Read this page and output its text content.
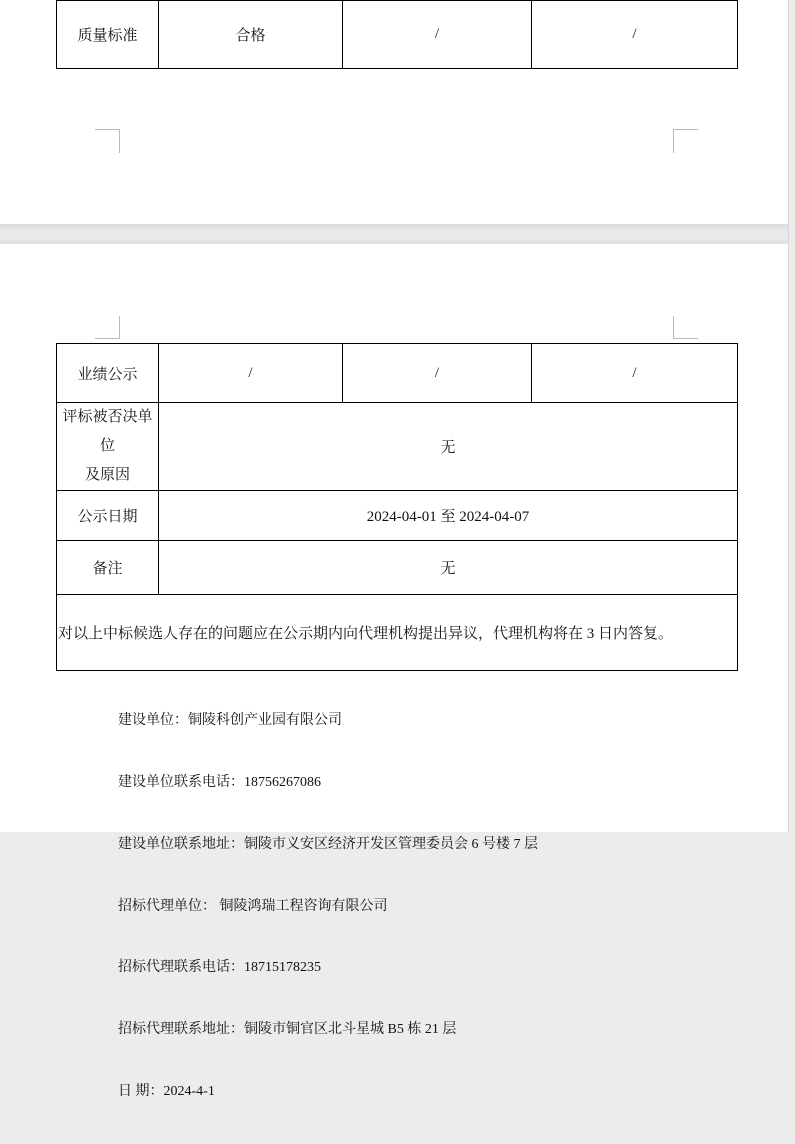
质量标准	合格	/	/
业绩公示	/	/	/

评标被否决单位
及原因	无		
公示日期	2024-04-01 至 2024-04-07		
备注	无		
对以上中标候选人存在的问题应在公示期内向代理机构提出异议，代理机构将在 3 日内答复。			

建设单位：铜陵科创产业园有限公司

建设单位联系电话：18756267086

建设单位联系地址：铜陵市义安区经济开发区管理委员会 6 号楼 7 层

招标代理单位： 铜陵鸿瑞工程咨询有限公司

招标代理联系电话：18715178235

招标代理联系地址：铜陵市铜官区北斗星城 B5 栋 21 层

日 期：2024-4-1
